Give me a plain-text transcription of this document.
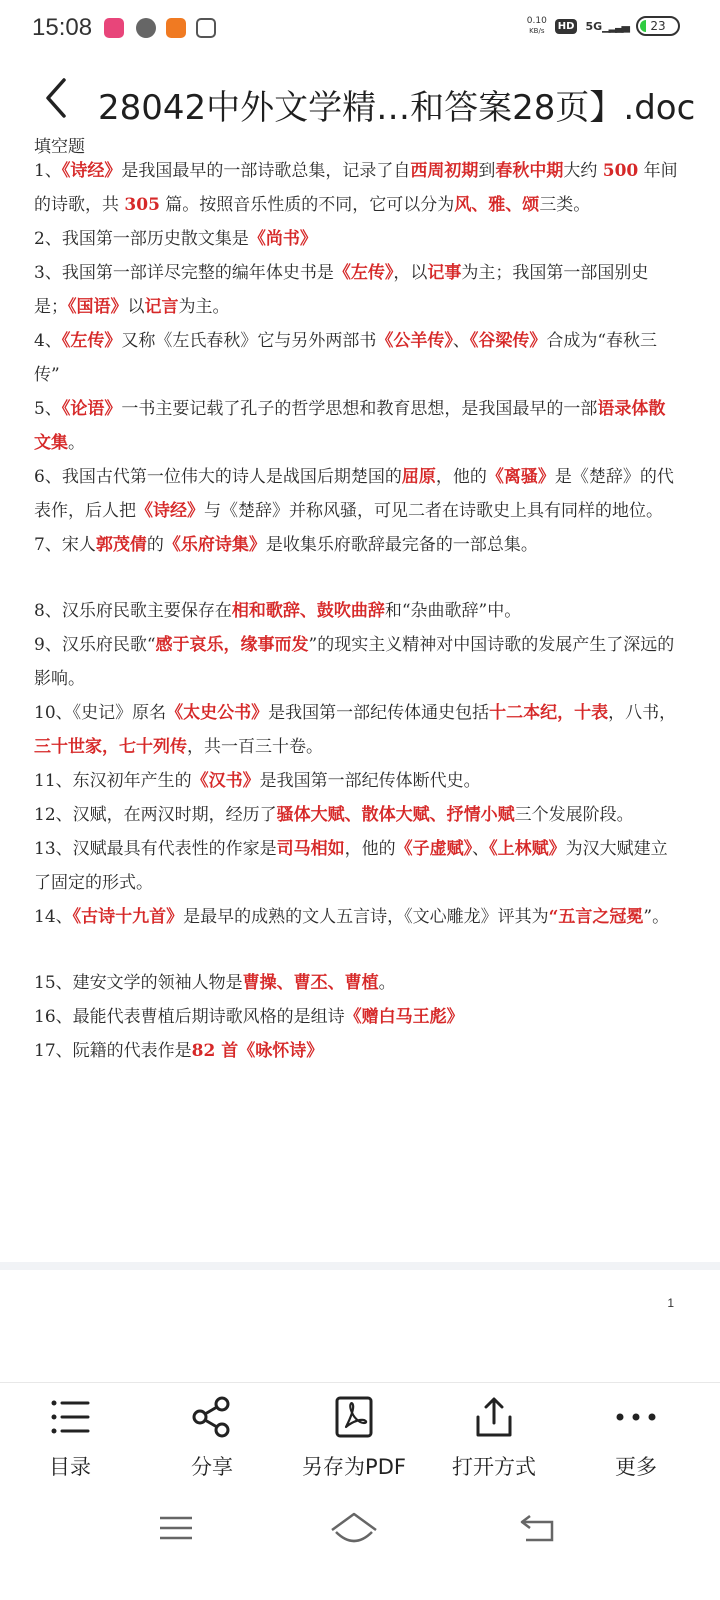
15:08	0.10
KB/s	HD 5G▁▂▃▄	23
28042中外文学精…和答案28页】.doc
填空题
1、《诗经》是我国最早的一部诗歌总集，记录了自西周初期到春秋中期大约 500 年间的诗歌，共 305 篇。按照音乐性质的不同，它可以分为风、雅、颂三类。
2、我国第一部历史散文集是《尚书》
3、我国第一部详尽完整的编年体史书是《左传》，以记事为主；我国第一部国别史是；《国语》以记言为主。
4、《左传》又称《左氏春秋》它与另外两部书《公羊传》、《谷梁传》合成为“春秋三传”
5、《论语》一书主要记载了孔子的哲学思想和教育思想，是我国最早的一部语录体散文集。
6、我国古代第一位伟大的诗人是战国后期楚国的屈原，他的《离骚》是《楚辞》的代表作，后人把《诗经》与《楚辞》并称风骚，可见二者在诗歌史上具有同样的地位。
7、宋人郭茂倩的《乐府诗集》是收集乐府歌辞最完备的一部总集。
8、汉乐府民歌主要保存在相和歌辞、鼓吹曲辞和“杂曲歌辞”中。
9、汉乐府民歌“感于哀乐，缘事而发”的现实主义精神对中国诗歌的发展产生了深远的影响。
10、《史记》原名《太史公书》是我国第一部纪传体通史包括十二本纪，十表，八书，三十世家，七十列传，共一百三十卷。
11、东汉初年产生的《汉书》是我国第一部纪传体断代史。
12、汉赋，在两汉时期，经历了骚体大赋、散体大赋、抒情小赋三个发展阶段。
13、汉赋最具有代表性的作家是司马相如，他的《子虚赋》、《上林赋》为汉大赋建立了固定的形式。
14、《古诗十九首》是最早的成熟的文人五言诗，《文心雕龙》评其为“五言之冠冕”。
15、建安文学的领袖人物是曹操、曹丕、曹植。
16、最能代表曹植后期诗歌风格的是组诗《赠白马王彪》
17、阮籍的代表作是82 首《咏怀诗》
1
目录	分享	另存为PDF	打开方式	更多
